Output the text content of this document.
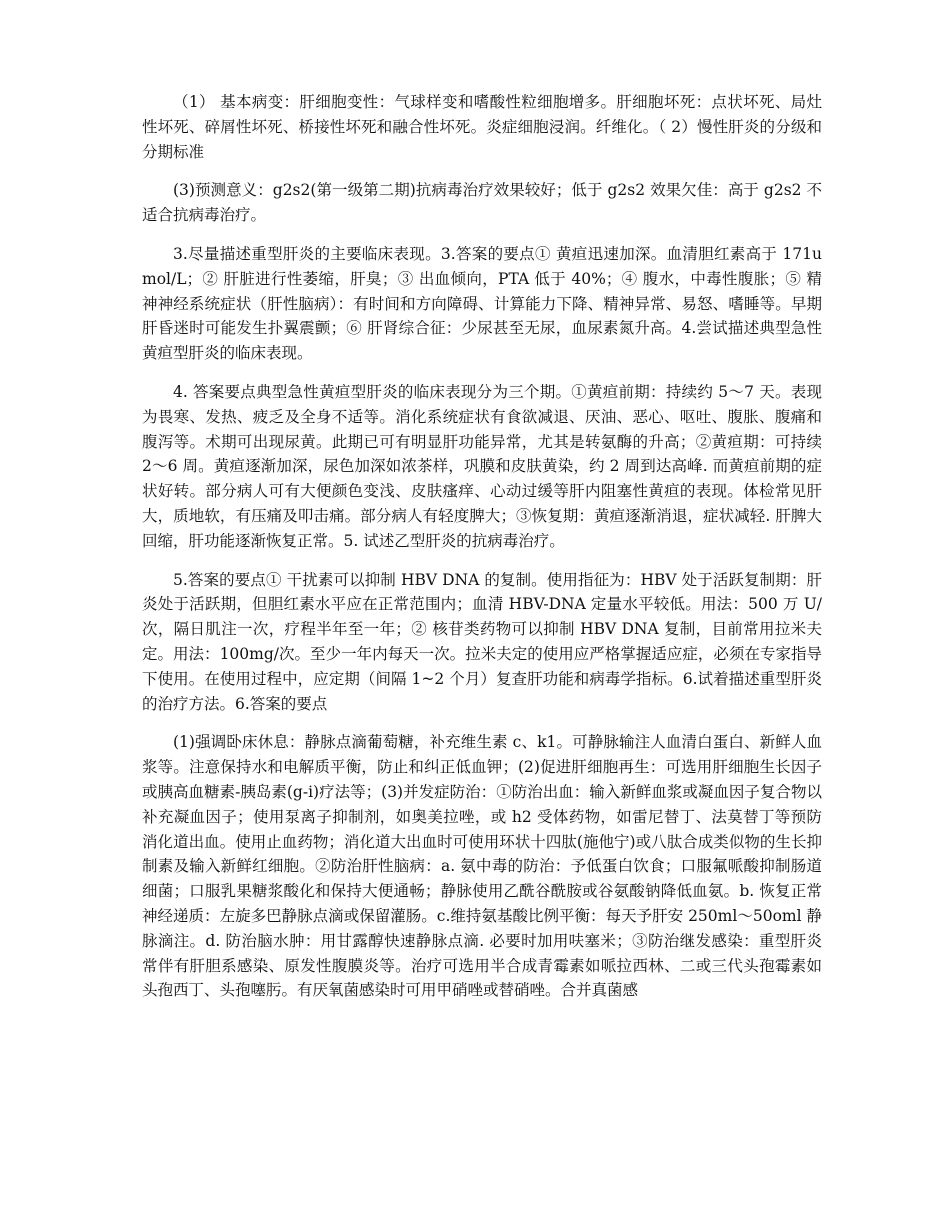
（1） 基本病变：肝细胞变性：气球样变和嗜酸性粒细胞增多。肝细胞坏死：点状坏死、局灶性坏死、碎屑性坏死、桥接性坏死和融合性坏死。炎症细胞浸润。纤维化。（ 2）慢性肝炎的分级和分期标准

(3)预测意义：g2s2(第一级第二期)抗病毒治疗效果较好；低于 g2s2 效果欠佳：高于 g2s2 不适合抗病毒治疗。

3.尽量描述重型肝炎的主要临床表现。3.答案的要点① 黄疸迅速加深。血清胆红素高于 171umol/L；② 肝脏进行性萎缩，肝臭；③ 出血倾向，PTA 低于 40%；④ 腹水，中毒性腹胀；⑤ 精神神经系统症状（肝性脑病）：有时间和方向障碍、计算能力下降、精神异常、易怒、嗜睡等。早期肝昏迷时可能发生扑翼震颤；⑥ 肝肾综合征：少尿甚至无尿，血尿素氮升高。4.尝试描述典型急性黄疸型肝炎的临床表现。

4. 答案要点典型急性黄疸型肝炎的临床表现分为三个期。①黄疸前期：持续约 5～7 天。表现为畏寒、发热、疲乏及全身不适等。消化系统症状有食欲减退、厌油、恶心、呕吐、腹胀、腹痛和腹泻等。术期可出现尿黄。此期已可有明显肝功能异常，尤其是转氨酶的升高；②黄疸期：可持续 2～6 周。黄疸逐渐加深，尿色加深如浓茶样，巩膜和皮肤黄染，约 2 周到达高峰. 而黄疸前期的症状好转。部分病人可有大便颜色变浅、皮肤瘙痒、心动过缓等肝内阻塞性黄疸的表现。体检常见肝大，质地软，有压痛及叩击痛。部分病人有轻度脾大；③恢复期：黄疸逐渐消退，症状减轻. 肝脾大回缩，肝功能逐渐恢复正常。5. 试述乙型肝炎的抗病毒治疗。

5.答案的要点① 干扰素可以抑制 HBV DNA 的复制。使用指征为：HBV 处于活跃复制期：肝炎处于活跃期，但胆红素水平应在正常范围内；血清 HBV-DNA 定量水平较低。用法：500 万 U/次，隔日肌注一次，疗程半年至一年；② 核苷类药物可以抑制 HBV DNA 复制，目前常用拉米夫定。用法：100mg/次。至少一年内每天一次。拉米夫定的使用应严格掌握适应症，必须在专家指导下使用。在使用过程中，应定期（间隔 1~2 个月）复查肝功能和病毒学指标。6.试着描述重型肝炎的治疗方法。6.答案的要点

(1)强调卧床休息：静脉点滴葡萄糖，补充维生素 c、k1。可静脉输注人血清白蛋白、新鲜人血浆等。注意保持水和电解质平衡，防止和纠正低血钾；(2)促进肝细胞再生：可选用肝细胞生长因子或胰高血糖素-胰岛素(g-i)疗法等；(3)并发症防治：①防治出血：输入新鲜血浆或凝血因子复合物以补充凝血因子；使用泵离子抑制剂，如奥美拉唑，或 h2 受体药物，如雷尼替丁、法莫替丁等预防消化道出血。使用止血药物；消化道大出血时可使用环状十四肽(施他宁)或八肽合成类似物的生长抑制素及输入新鲜红细胞。②防治肝性脑病：a. 氨中毒的防治：予低蛋白饮食；口服氟哌酸抑制肠道细菌；口服乳果糖浆酸化和保持大便通畅；静脉使用乙酰谷酰胺或谷氨酸钠降低血氨。b. 恢复正常神经递质：左旋多巴静脉点滴或保留灌肠。c.维持氨基酸比例平衡：每天予肝安 250ml～50oml 静脉滴注。d. 防治脑水肿：用甘露醇快速静脉点滴. 必要时加用呋塞米；③防治继发感染：重型肝炎常伴有肝胆系感染、原发性腹膜炎等。治疗可选用半合成青霉素如哌拉西林、二或三代头孢霉素如头孢西丁、头孢噻肟。有厌氧菌感染时可用甲硝唑或替硝唑。合并真菌感
